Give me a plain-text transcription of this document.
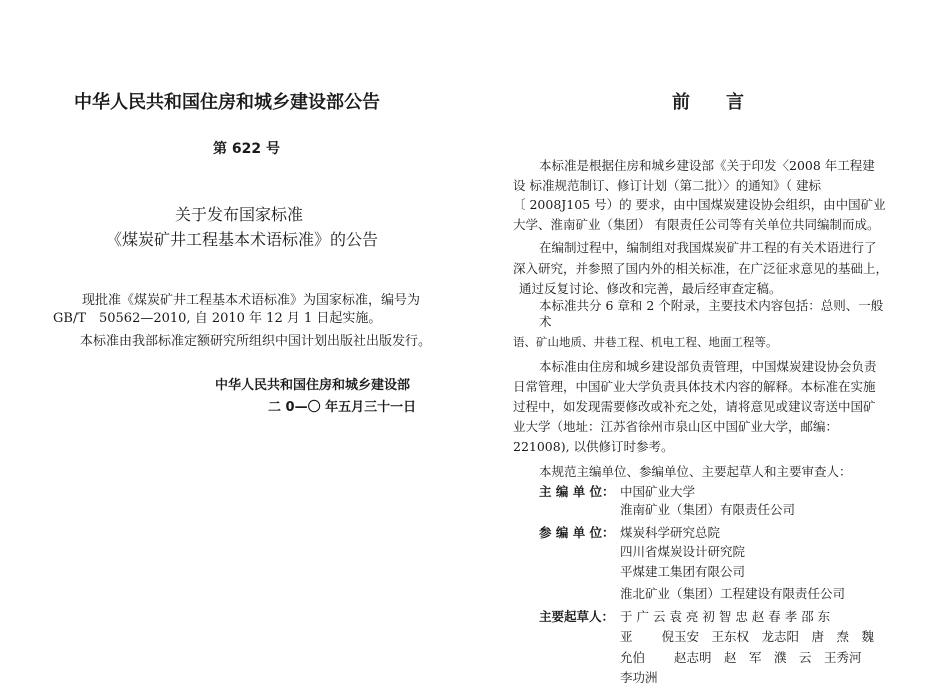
中华人民共和国住房和城乡建设部公告
第 622 号
关于发布国家标准
《煤炭矿井工程基本术语标准》的公告
现批准《煤炭矿井工程基本术语标准》为国家标准，编号为
GB/T　50562—2010, 自 2010 年 12 月 1 日起实施。
本标准由我部标准定额研究所组织中国计划出版社出版发行。
中华人民共和国住房和城乡建设部
二 0—〇 年五月三十一日
前　　言
本标准是根据住房和城乡建设部《关于印发〈2008 年工程建
设 标准规范制订、修订计划（第二批）〉的通知》（ 建标
〔 2008J105 号）的 要求，由中国煤炭建设协会组织，由中国矿业
大学、淮南矿业（集团） 有限责任公司等有关单位共同编制而成。
在编制过程中，编制组对我国煤炭矿井工程的有关术语进行了
深入研究，并参照了国内外的相关标准，在广泛征求意见的基础上，
通过反复讨论、修改和完善，最后经审查定稿。
本标准共分 6 章和 2 个附录，主要技术内容包括：总则、一般
术
语、矿山地质、井巷工程、机电工程、地面工程等。
本标准由住房和城乡建设部负责管理，中国煤炭建设协会负责
日常管理，中国矿业大学负责具体技术内容的解释。本标准在实施
过程中，如发现需要修改或补充之处，请将意见或建议寄送中国矿
业大学（地址：江苏省徐州市泉山区中国矿业大学，邮编：
221008), 以供修订时参考。
本规范主编单位、参编单位、主要起草人和主要审查人：
主 编 单 位： 中国矿业大学
淮南矿业（集团）有限责任公司
参 编 单 位： 煤炭科学研究总院
四川省煤炭设计研究院
平煤建工集团有限公司
淮北矿业（集团）工程建设有限责任公司
主要起草人： 于 广 云 袁 亮 初 智 忠 赵 春 孝 邵 东
亚　　 倪玉安　王东权　龙志阳　唐　焘　魏
允伯　　 赵志明　赵　军　濮　云　王秀河
李功洲
